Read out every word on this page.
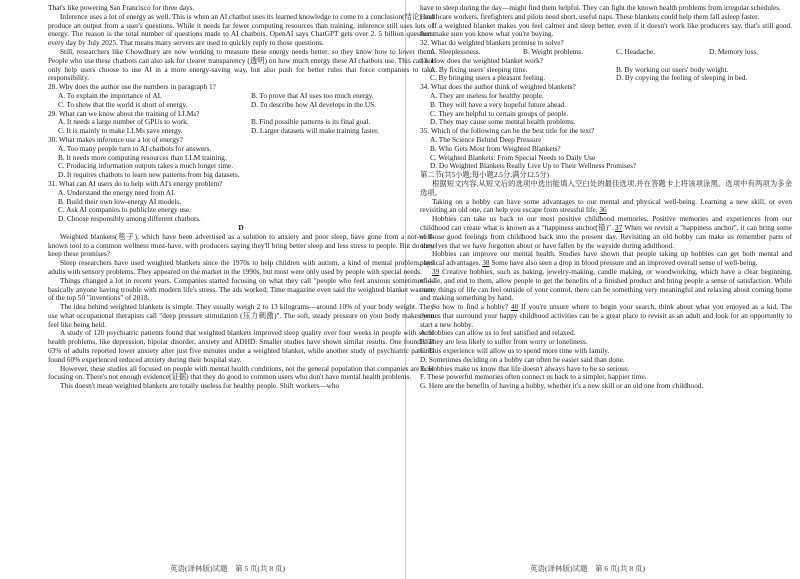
That's like powering San Francisco for three days.

Inference uses a lot of energy as well. This is when an AI chatbot uses its learned knowledge to come to a conclusion(结论) and produce an output from a user's questions. While it needs far fewer computing resources than training, inference still uses lots of energy. The reason is the total number of questions made to AI chatbots. OpenAI says ChatGPT gets over 2. 5 billion questions every day by July 2025. That means many servers are used to quickly reply to those questions.

Still, researchers like Chowdhury are now working to measure these energy needs better, so they know how to lower them. People who use these chatbots can also ask for clearer transparency (透明) on how much energy these AI chatbots use. This can not only help users choose to use AI in a more energy-saving way, but also push for better rules that force companies to take responsibility.

28. Why does the author use the numbers in paragraph 1?

A. To explain the importance of AI.	B. To prove that AI uses too much energy.
C. To show that the world is short of energy.	D. To describe how AI develops in the US.

29. What can we know about the training of LLMs?

A. It needs a large number of GPUs to work.	B. Find possible patterns is its final goal.
C. It is mainly to make LLMs save energy.	D. Larger datasets will make training faster.

30. What makes inference use a lot of energy?

A. Too many people turn to AI chatbots for answers.

B. It needs more computing resources than LLM training.

C. Producing information outputs takes a much longer time.

D. It requires chatbots to learn new patterns from big datasets.

31. What can AI users do to help with AI's energy problem?

A. Understand the energy need from AI.

B. Build their own low-energy AI models.

C. Ask AI companies to publicize energy use.

D. Choose responsibly among different chatbots.

D

Weighted blankets(毯子), which have been advertised as a solution to anxiety and poor sleep, have gone from a not-well-known tool to a common wellness must-have, with producers saying they'll bring better sleep and less stress to people. But do they keep these promises?

Sleep researchers have used weighted blankets since the 1970s to help children with autism, a kind of mental problem, and adults with sensory problems. They appeared on the market in the 1990s, but most were only used by people with special needs.

Things changed a lot in recent years. Companies started focusing on what they call "people who feel anxious sometimes"—basically anyone having trouble with modern life's stress. The ads worked; Time magazine even said the weighted blanket was one of the top 50 "inventions" of 2018.

The idea behind weighted blankets is simple. They usually weigh 2 to 13 kilograms—around 10% of your body weight. They use what occupational therapists call "deep pressure stimulation (压力刺激)". The soft, steady pressure on your body makes you feel like being held.

A study of 120 psychiatric patients found that weighted blankets improved sleep quality over four weeks in people with some health problems, like depression, bipolar disorder, anxiety and ADHD. Smaller studies have shown similar results. One found that 63% of adults reported lower anxiety after just five minutes under a weighted blanket, while another study of psychiatric patients found 60% experienced reduced anxiety during their hospital stay.

However, these studies all focused on people with mental health conditions, not the general population that companies are now focusing on. There's not enough evidence(证据) that they do good to common users who don't have mental health problems.

This doesn't mean weighted blankets are totally useless for healthy people. Shift workers—who

have to sleep during the day—might find them helpful. They can fight the known health problems from irregular schedules. Healthcare workers, firefighters and pilots need short, useful naps. These blankets could help them fall asleep faster.

If a weighted blanket makes you feel calmer and sleep better, even if it doesn't work like producers say, that's still good. Just make sure you know what you're buying.

32. What do weighted blankets promise to solve?

A. Sleeplessness.	B. Weight problems.	C. Headache.	D. Memory loss.

33. How does the weighted blanket work?

A. By fixing users' sleeping time.	B. By working out users' body weight.
C. By bringing users a pleasant feeling.	D. By copying the feeling of sleeping in bed.

34. What does the author think of weighted blankets?

A. They are useless for healthy people.

B. They will have a very hopeful future ahead.

C. They are helpful to certain groups of people.

D. They may cause some mental health problems.

35. Which of the following can be the best title for the text?

A. The Science Behind Deep Pressure

B. Who Gets Most from Weighted Blankets?

C. Weighted Blankets: From Special Needs to Daily Use

D. Do Weighted Blankets Really Live Up to Their Wellness Promises?

第二节(共5小题;每小题2.5分,满分12.5分)

根据短文内容,从短文后的选项中选出能填入空白处的最佳选项,并在答题卡上将该项涂黑。选项中有两项为多余选项。

Taking on a hobby can have some advantages to our mental and physical well-being. Learning a new skill, or even revisiting an old one, can help you escape from stressful life. 36

Hobbies can take us back to our most positive childhood memories. Positive memories and experiences from our childhood can create what is known as a "happiness anchor(锚)". 37 When we revisit a "happiness anchor", it can bring some of those good feelings from childhood back into the present day. Revisiting an old hobby can make us remember parts of ourselves that we have forgotten about or have fallen by the wayside during adulthood.

Hobbies can improve our mental health. Studies have shown that people taking up hobbies can get both mental and physical advantages. 38 Some have also seen a drop in blood pressure and an improved overall sense of well-being.

39 Creative hobbies, such as baking, jewelry-making, candle making, or woodworking, which have a clear beginning, middle, and end to them, allow people to get the benefits of a finished product and bring people a sense of satisfaction. While many things of life can feel outside of your control, there can be something very meaningful and relaxing about coming home and making something by hand.

So how to find a hobby? 40 If you're unsure where to begin your search, think about what you enjoyed as a kid. The themes that surround your happy childhood activities can be a great place to revisit as an adult and look for an opportunity to start a new hobby.

A. Hobbies can allow us to feel satisfied and relaxed.

B. They are less likely to suffer from worry or loneliness.

C. This experience will allow us to spend more time with family.

D. Sometimes deciding on a hobby can often be easier said than done.

E. Hobbies make us know that life doesn't always have to be so serious.

F. These powerful memories often connect us back to a simpler, happier time.

G. Here are the benefits of having a hobby, whether it's a new skill or an old one from childhood.

英语(译林版)试题　第 5 页(共 8 页)	英语(译林版)试题　第 6 页(共 8 页)
